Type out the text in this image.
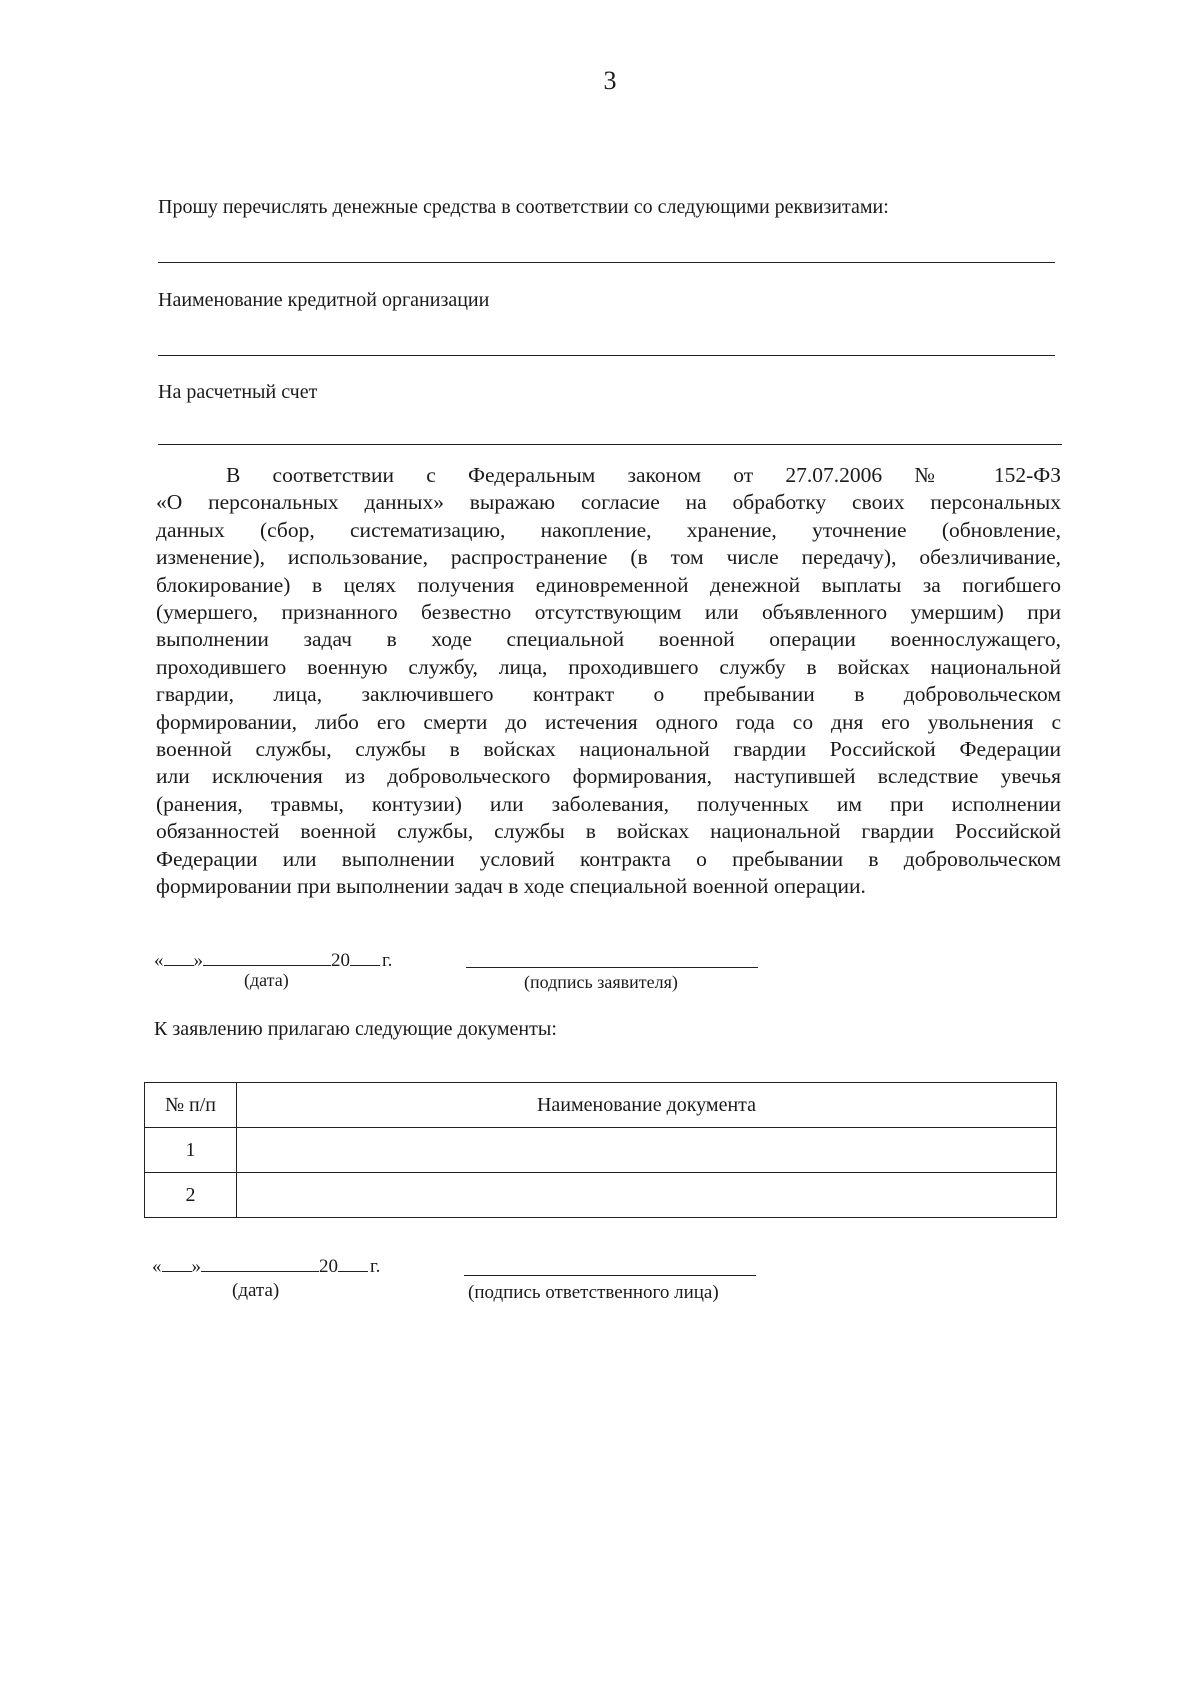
3
Прошу перечислять денежные средства в соответствии со следующими реквизитами:
Наименование кредитной организации
На расчетный счет
В соответствии с Федеральным законом от 27.07.2006 № 152-ФЗ
«О персональных данных» выражаю согласие на обработку своих персональных
данных (сбор, систематизацию, накопление, хранение, уточнение (обновление,
изменение), использование, распространение (в том числе передачу), обезличивание,
блокирование) в целях получения единовременной денежной выплаты за погибшего
(умершего, признанного безвестно отсутствующим или объявленного умершим) при
выполнении задач в ходе специальной военной операции военнослужащего,
проходившего военную службу, лица, проходившего службу в войсках национальной
гвардии, лица, заключившего контракт о пребывании в добровольческом
формировании, либо его смерти до истечения одного года со дня его увольнения с
военной службы, службы в войсках национальной гвардии Российской Федерации
или исключения из добровольческого формирования, наступившей вследствие увечья
(ранения, травмы, контузии) или заболевания, полученных им при исполнении
обязанностей военной службы, службы в войсках национальной гвардии Российской
Федерации или выполнении условий контракта о пребывании в добровольческом
формировании при выполнении задач в ходе специальной военной операции.
« »	20 г.
(дата)	(подпись заявителя)
К заявлению прилагаю следующие документы:
№ п/п	Наименование документа
1	
2	
« »	20 г.
(дата)	(подпись ответственного лица)
